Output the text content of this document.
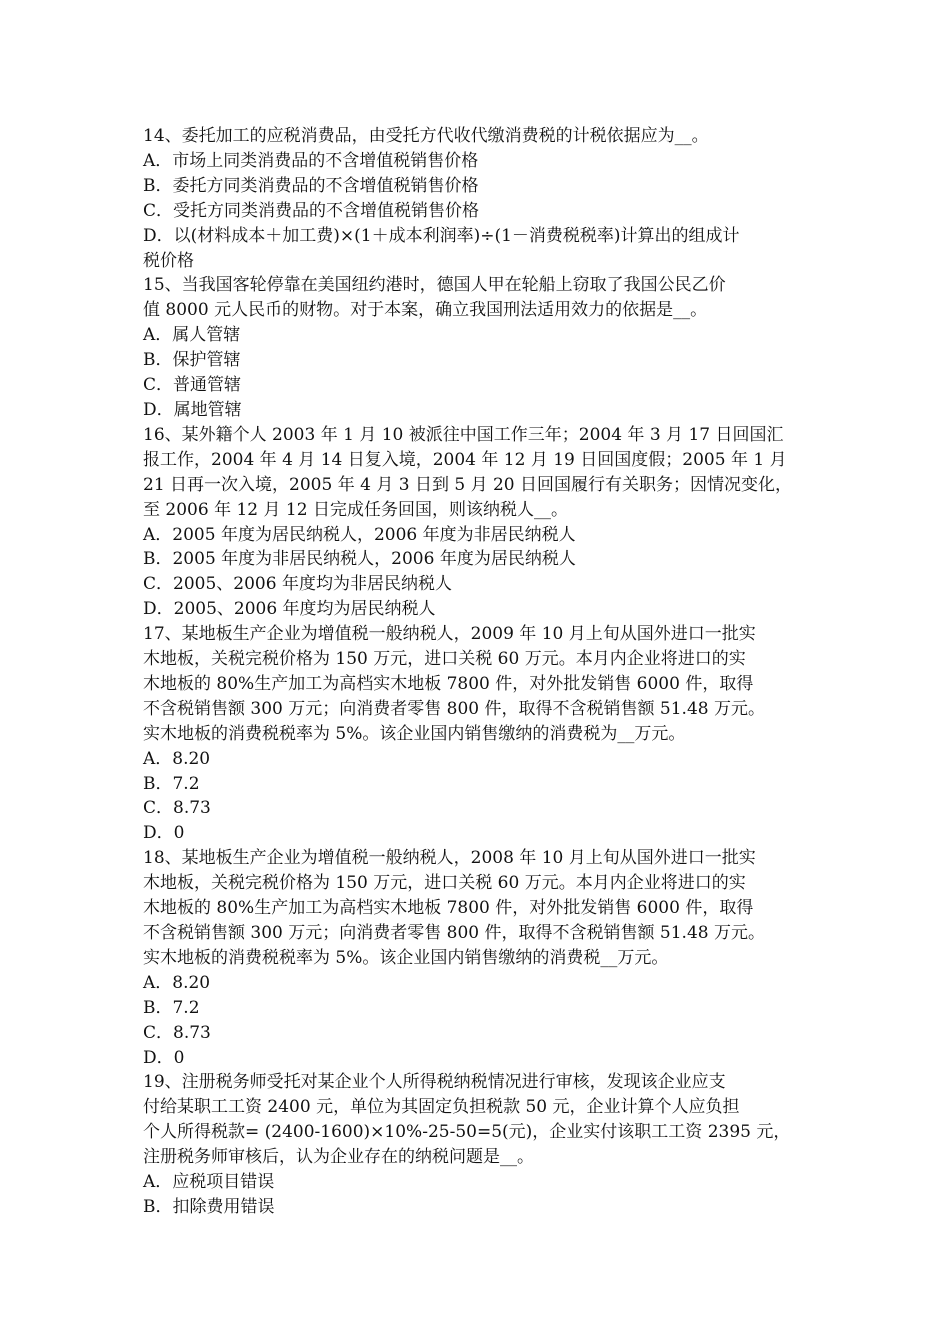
14、委托加工的应税消费品，由受托方代收代缴消费税的计税依据应为__。
A．市场上同类消费品的不含增值税销售价格
B．委托方同类消费品的不含增值税销售价格
C．受托方同类消费品的不含增值税销售价格
D．以(材料成本＋加工费)×(1＋成本利润率)÷(1－消费税税率)计算出的组成计
税价格
15、当我国客轮停靠在美国纽约港时，德国人甲在轮船上窃取了我国公民乙价
值 8000 元人民币的财物。对于本案，确立我国刑法适用效力的依据是__。
A．属人管辖
B．保护管辖
C．普通管辖
D．属地管辖
16、某外籍个人 2003 年 1 月 10 被派往中国工作三年；2004 年 3 月 17 日回国汇
报工作，2004 年 4 月 14 日复入境，2004 年 12 月 19 日回国度假；2005 年 1 月
21 日再一次入境，2005 年 4 月 3 日到 5 月 20 日回国履行有关职务；因情况变化，
至 2006 年 12 月 12 日完成任务回国，则该纳税人__。
A．2005 年度为居民纳税人，2006 年度为非居民纳税人
B．2005 年度为非居民纳税人，2006 年度为居民纳税人
C．2005、2006 年度均为非居民纳税人
D．2005、2006 年度均为居民纳税人
17、某地板生产企业为增值税一般纳税人，2009 年 10 月上旬从国外进口一批实
木地板，关税完税价格为 150 万元，进口关税 60 万元。本月内企业将进口的实
木地板的 80%生产加工为高档实木地板 7800 件，对外批发销售 6000 件，取得
不含税销售额 300 万元；向消费者零售 800 件，取得不含税销售额 51.48 万元。
实木地板的消费税税率为 5%。该企业国内销售缴纳的消费税为__万元。
A．8.20
B．7.2
C．8.73
D．0
18、某地板生产企业为增值税一般纳税人，2008 年 10 月上旬从国外进口一批实
木地板，关税完税价格为 150 万元，进口关税 60 万元。本月内企业将进口的实
木地板的 80%生产加工为高档实木地板 7800 件，对外批发销售 6000 件，取得
不含税销售额 300 万元；向消费者零售 800 件，取得不含税销售额 51.48 万元。
实木地板的消费税税率为 5%。该企业国内销售缴纳的消费税__万元。
A．8.20
B．7.2
C．8.73
D．0
19、注册税务师受托对某企业个人所得税纳税情况进行审核，发现该企业应支
付给某职工工资 2400 元，单位为其固定负担税款 50 元，企业计算个人应负担
个人所得税款= (2400-1600)×10%-25-50=5(元)，企业实付该职工工资 2395 元，
注册税务师审核后，认为企业存在的纳税问题是__。
A．应税项目错误
B．扣除费用错误
